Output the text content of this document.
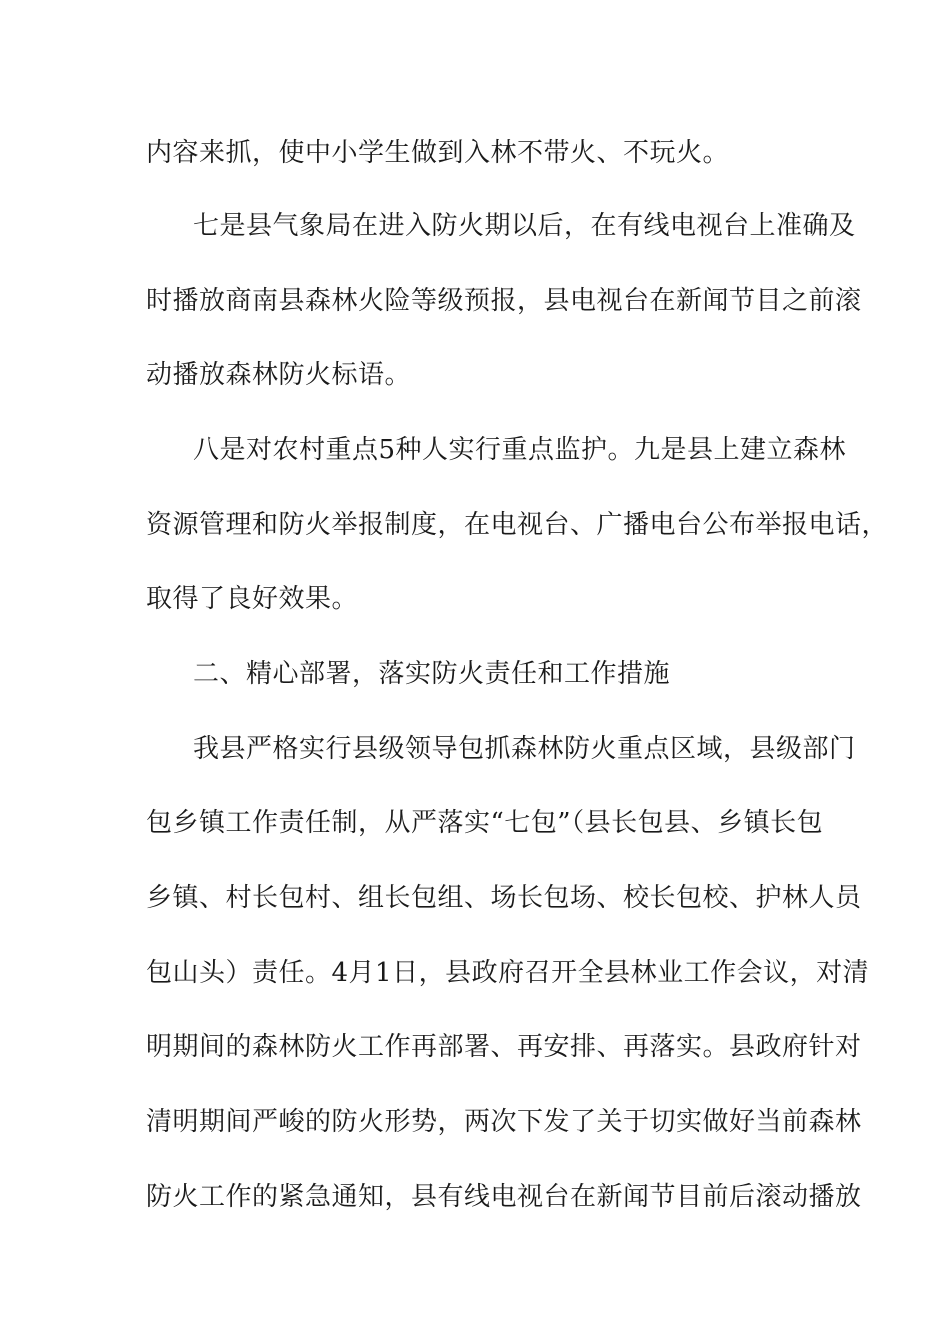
内容来抓，使中小学生做到入林不带火、不玩火。
七是县气象局在进入防火期以后，在有线电视台上准确及
时播放商南县森林火险等级预报，县电视台在新闻节目之前滚
动播放森林防火标语。
八是对农村重点5种人实行重点监护。九是县上建立森林
资源管理和防火举报制度，在电视台、广播电台公布举报电话，
取得了良好效果。
二、精心部署，落实防火责任和工作措施
我县严格实行县级领导包抓森林防火重点区域，县级部门
包乡镇工作责任制，从严落实“七包”（县长包县、乡镇长包
乡镇、村长包村、组长包组、场长包场、校长包校、护林人员
包山头）责任。4月1日，县政府召开全县林业工作会议，对清
明期间的森林防火工作再部署、再安排、再落实。县政府针对
清明期间严峻的防火形势，两次下发了关于切实做好当前森林
防火工作的紧急通知，县有线电视台在新闻节目前后滚动播放
